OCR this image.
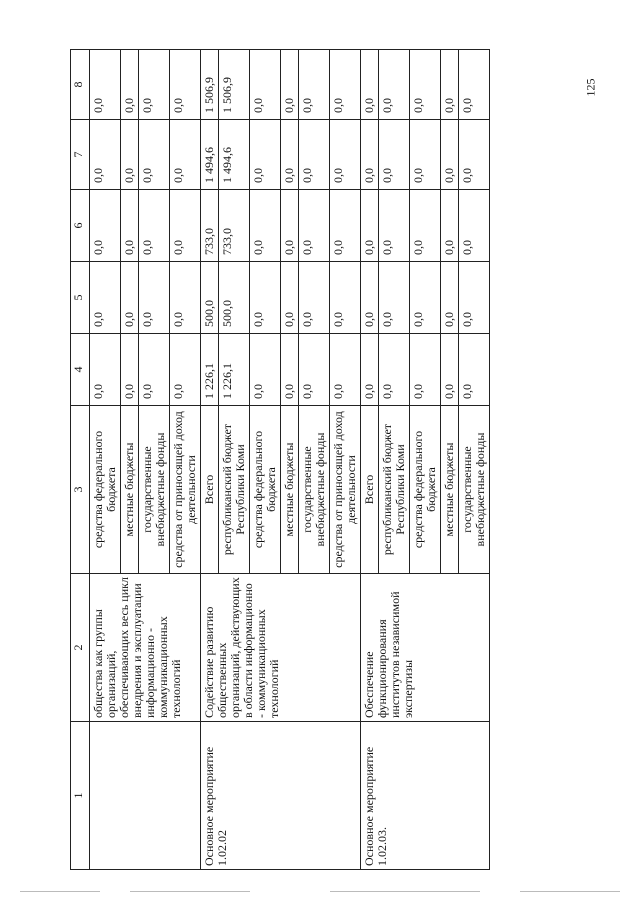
125
1	2	3	4	5	6	7	8
	общества как группы организаций, обеспечивающих весь цикл внедрения и эксплуатации информационно - коммуникационных технологий	средства федерального бюджета	0,0	0,0	0,0	0,0	0,0
		местные бюджеты	0,0	0,0	0,0	0,0	0,0
		государственные внебюджетные фонды	0,0	0,0	0,0	0,0	0,0
		средства от приносящей доход деятельности	0,0	0,0	0,0	0,0	0,0
Основное мероприятие 1.02.02	Содействие развитию общественных организаций, действующих в области информационно - коммуникационных технологий	Всего	1 226,1	500,0	733,0	1 494,6	1 506,9
		республиканский бюджет Республики Коми	1 226,1	500,0	733,0	1 494,6	1 506,9
		средства федерального бюджета	0,0	0,0	0,0	0,0	0,0
		местные бюджеты	0,0	0,0	0,0	0,0	0,0
		государственные внебюджетные фонды	0,0	0,0	0,0	0,0	0,0
		средства от приносящей доход деятельности	0,0	0,0	0,0	0,0	0,0
Основное мероприятие 1.02.03.	Обеспечение функционирования институтов независимой экспертизы	Всего	0,0	0,0	0,0	0,0	0,0
		республиканский бюджет Республики Коми	0,0	0,0	0,0	0,0	0,0
		средства федерального бюджета	0,0	0,0	0,0	0,0	0,0
		местные бюджеты	0,0	0,0	0,0	0,0	0,0
		государственные внебюджетные фонды	0,0	0,0	0,0	0,0	0,0
